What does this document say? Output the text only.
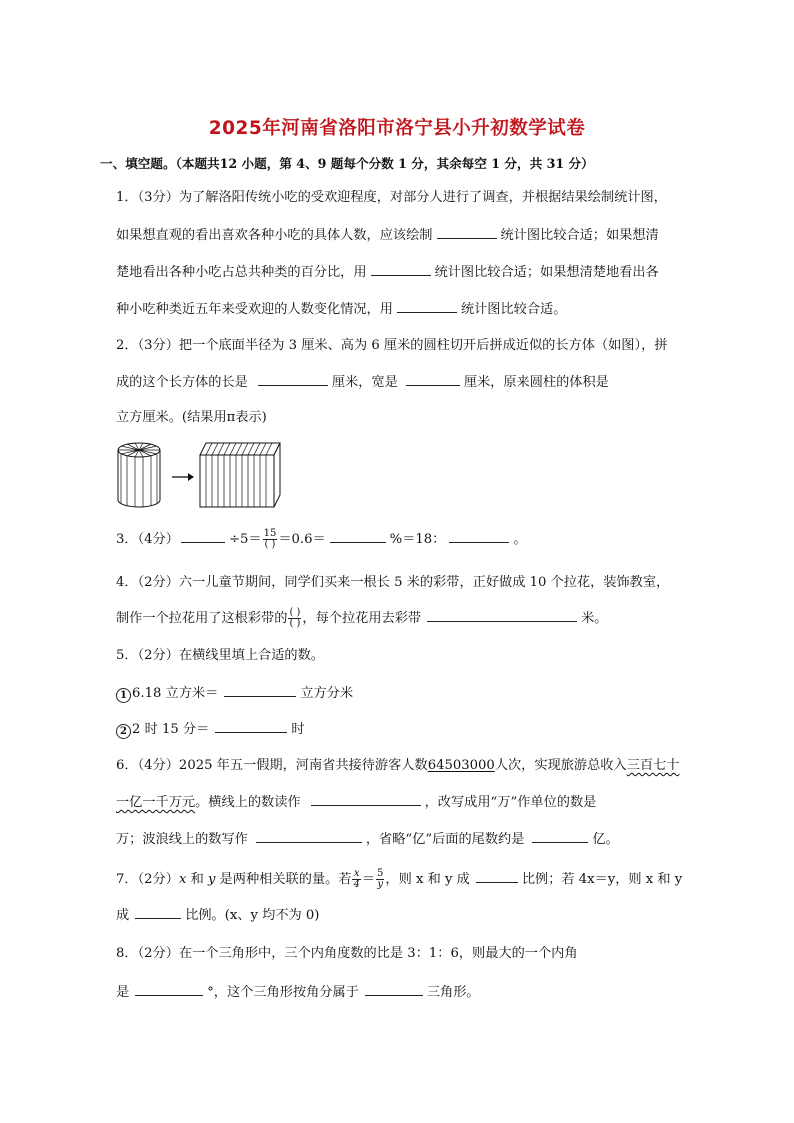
2025年河南省洛阳市洛宁县小升初数学试卷
一、填空题。（本题共12 小题，第 4、9 题每个分数 1 分，其余每空 1 分，共 31 分）
1．（3分）为了解洛阳传统小吃的受欢迎程度，对部分人进行了调查，并根据结果绘制统计图，
如果想直观的看出喜欢各种小吃的具体人数，应该绘制	统计图比较合适；如果想清
楚地看出各种小吃占总共种类的百分比，用	统计图比较合适；如果想清楚地看出各
种小吃种类近五年来受欢迎的人数变化情况，用	统计图比较合适。
2．（3分）把一个底面半径为 3 厘米、高为 6 厘米的圆柱切开后拼成近似的长方体（如图），拼
成的这个长方体的长是	厘米，宽是	厘米，原来圆柱的体积是
立方厘米。(结果用π表示)
3．（4分）	$\div 5= \frac{15}{( )} =0.6=$	%＝18：	。
4．（2分）六一儿童节期间，同学们买来一根长 5 米的彩带，正好做成 10 个拉花，装饰教室，
制作一个拉花用了这根彩带的 $\frac{( )}{( )}$ ，每个拉花用去彩带	米。
5．（2分）在横线里填上合适的数。
1 6.18 立方米＝	立方分米
2 2 时 15 分＝	时
6．（4分）2025 年五一假期，河南省共接待游客人数64503000人次，实现旅游总收入三百七十
一亿一千万元。横线上的数读作	，改写成用“万”作单位的数是
万；波浪线上的数写作	，省略“亿”后面的尾数约是	亿。
7．（2分）x 和 y 是两种相关联的量。若 $\frac{x}{4} = \frac{5}{y}$ ，则 x 和 y 成	比例；若 4x＝y，则 x 和 y
成	比例。(x、y 均不为 0)
8．（2分）在一个三角形中，三个内角度数的比是 3：1：6，则最大的一个内角
是	°，这个三角形按角分属于	三角形。
